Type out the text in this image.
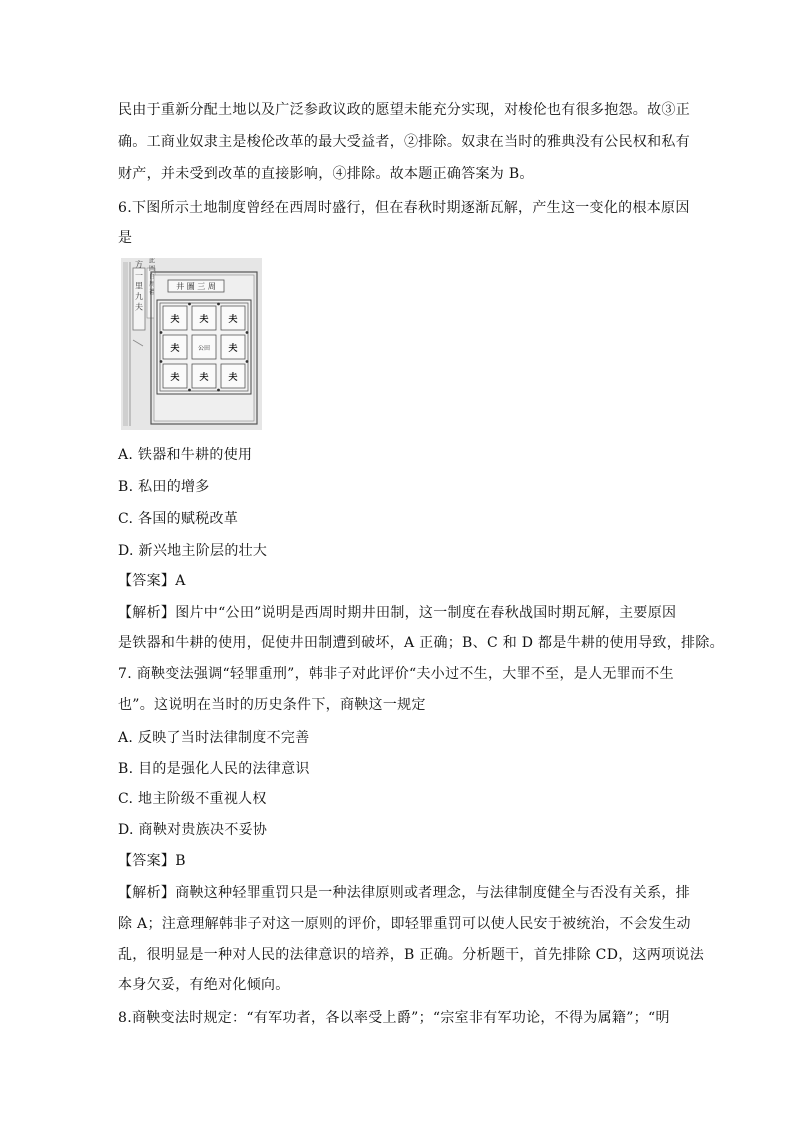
民由于重新分配土地以及广泛参政议政的愿望未能充分实现，对梭伦也有很多抱怨。故③正
确。工商业奴隶主是梭伦改革的最大受益者，②排除。奴隶在当时的雅典没有公民权和私有
财产，并未受到改革的直接影响，④排除。故本题正确答案为 B。
6.下图所示土地制度曾经在西周时盛行，但在春秋时期逐渐瓦解，产生这一变化的根本原因
是
井 方 一 里 九 夫 此 圖 自 周 禮	井 圖 三 周
夫 夫 夫
夫	夫
夫 夫 夫
公田
A. 铁器和牛耕的使用
B. 私田的增多
C. 各国的赋税改革
D. 新兴地主阶层的壮大
【答案】A
【解析】图片中“公田”说明是西周时期井田制，这一制度在春秋战国时期瓦解，主要原因
是铁器和牛耕的使用，促使井田制遭到破坏，A 正确；B、C 和 D 都是牛耕的使用导致，排除。
7. 商鞅变法强调“轻罪重刑”，韩非子对此评价“夫小过不生，大罪不至，是人无罪而不生
也”。这说明在当时的历史条件下，商鞅这一规定
A. 反映了当时法律制度不完善
B. 目的是强化人民的法律意识
C. 地主阶级不重视人权
D. 商鞅对贵族决不妥协
【答案】B
【解析】商鞅这种轻罪重罚只是一种法律原则或者理念，与法律制度健全与否没有关系，排
除 A；注意理解韩非子对这一原则的评价，即轻罪重罚可以使人民安于被统治，不会发生动
乱，很明显是一种对人民的法律意识的培养，B 正确。分析题干，首先排除 CD，这两项说法
本身欠妥，有绝对化倾向。
8.商鞅变法时规定：“有军功者，各以率受上爵”；“宗室非有军功论，不得为属籍”；“明
